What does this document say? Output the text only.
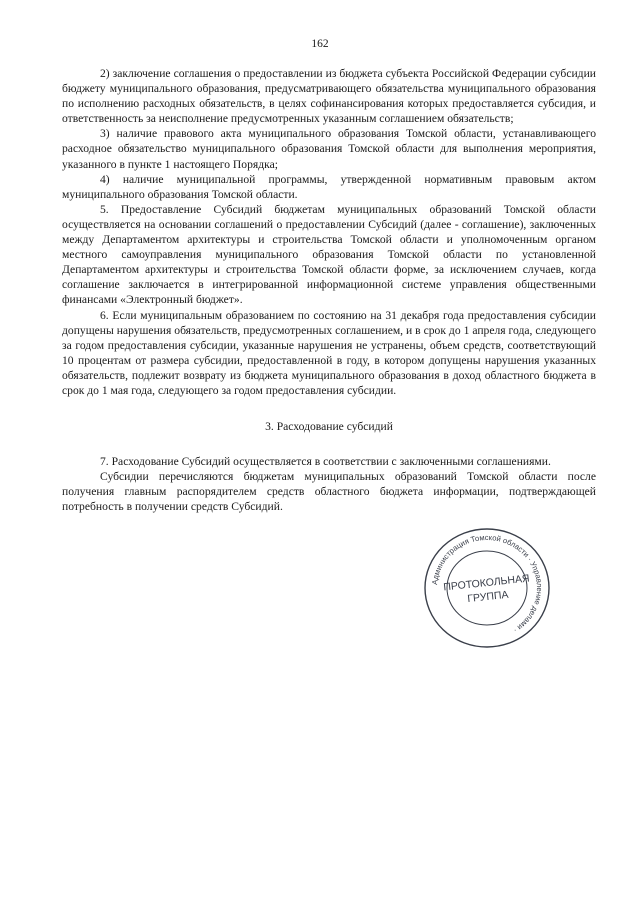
162

2) заключение соглашения о предоставлении из бюджета субъекта Российской Федерации субсидии бюджету муниципального образования, предусматривающего обязательства муниципального образования по исполнению расходных обязательств, в целях софинансирования которых предоставляется субсидия, и ответственность за неисполнение предусмотренных указанным соглашением обязательств;

3) наличие правового акта муниципального образования Томской области, устанавливающего расходное обязательство муниципального образования Томской области для выполнения мероприятия, указанного в пункте 1 настоящего Порядка;

4) наличие муниципальной программы, утвержденной нормативным правовым актом муниципального образования Томской области.

5. Предоставление Субсидий бюджетам муниципальных образований Томской области осуществляется на основании соглашений о предоставлении Субсидий (далее - соглашение), заключенных между Департаментом архитектуры и строительства Томской области и уполномоченным органом местного самоуправления муниципального образования Томской области по установленной Департаментом архитектуры и строительства Томской области форме, за исключением случаев, когда соглашение заключается в интегрированной информационной системе управления общественными финансами «Электронный бюджет».

6. Если муниципальным образованием по состоянию на 31 декабря года предоставления субсидии допущены нарушения обязательств, предусмотренных соглашением, и в срок до 1 апреля года, следующего за годом предоставления субсидии, указанные нарушения не устранены, объем средств, соответствующий 10 процентам от размера субсидии, предоставленной в году, в котором допущены нарушения указанных обязательств, подлежит возврату из бюджета муниципального образования в доход областного бюджета в срок до 1 мая года, следующего за годом предоставления субсидии.

3. Расходование субсидий

7. Расходование Субсидий осуществляется в соответствии с заключенными соглашениями.

Субсидии перечисляются бюджетам муниципальных образований Томской области после получения главным распорядителем средств областного бюджета информации, подтверждающей потребность в получении средств Субсидий.

Администрация Томской области · Управление делами ·
ПРОТОКОЛЬНАЯ
ГРУППА
